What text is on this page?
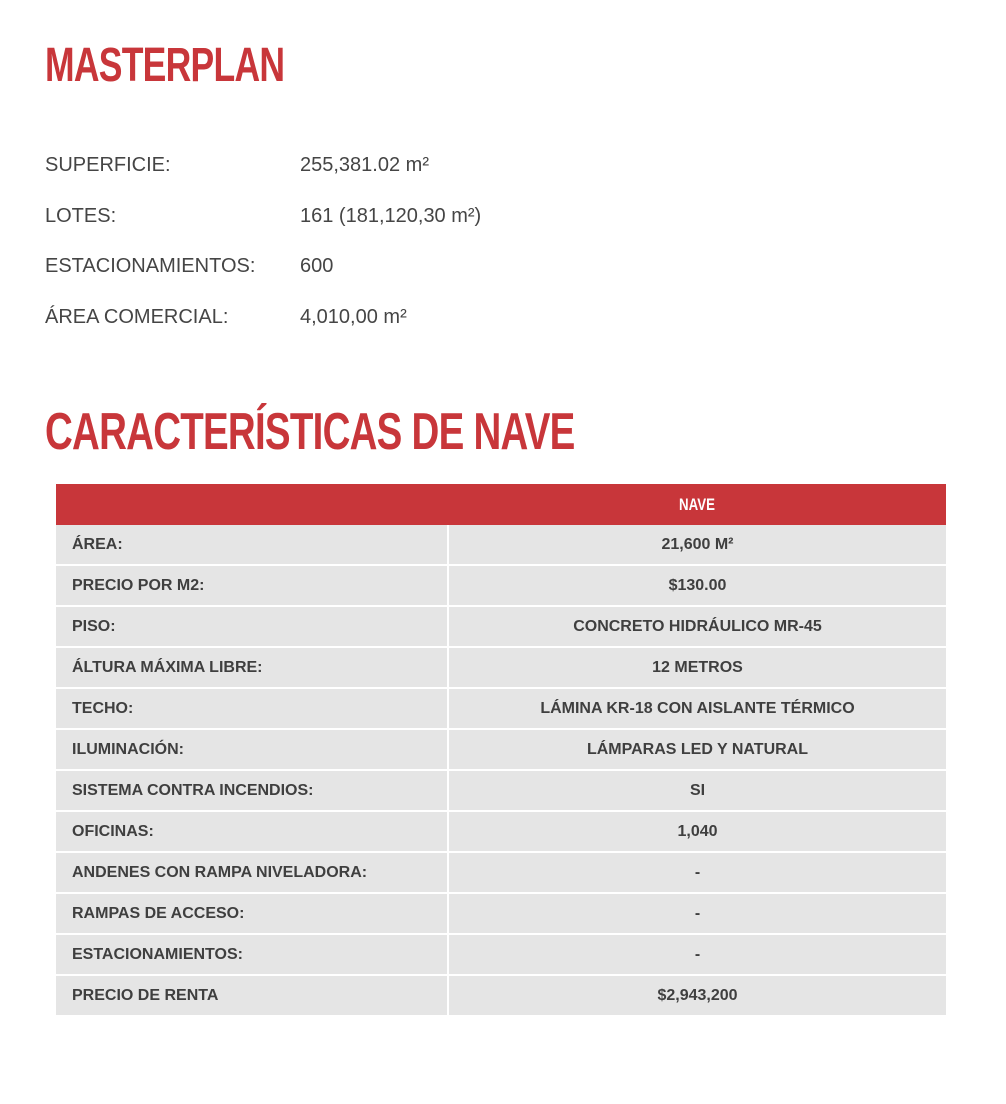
MASTERPLAN
SUPERFICIE:	255,381.02 m²
LOTES:	161 (181,120,30 m²)
ESTACIONAMIENTOS:	600
ÁREA COMERCIAL:	4,010,00 m²
CARACTERÍSTICAS DE NAVE
	NAVE
ÁREA:	21,600 M²
PRECIO POR M2:	$130.00
PISO:	CONCRETO HIDRÁULICO MR-45
ÁLTURA MÁXIMA LIBRE:	12 METROS
TECHO:	LÁMINA KR-18 CON AISLANTE TÉRMICO
ILUMINACIÓN:	LÁMPARAS LED Y NATURAL
SISTEMA CONTRA INCENDIOS:	SI
OFICINAS:	1,040
ANDENES CON RAMPA NIVELADORA:	-
RAMPAS DE ACCESO:	-
ESTACIONAMIENTOS:	-
PRECIO DE RENTA	$2,943,200
